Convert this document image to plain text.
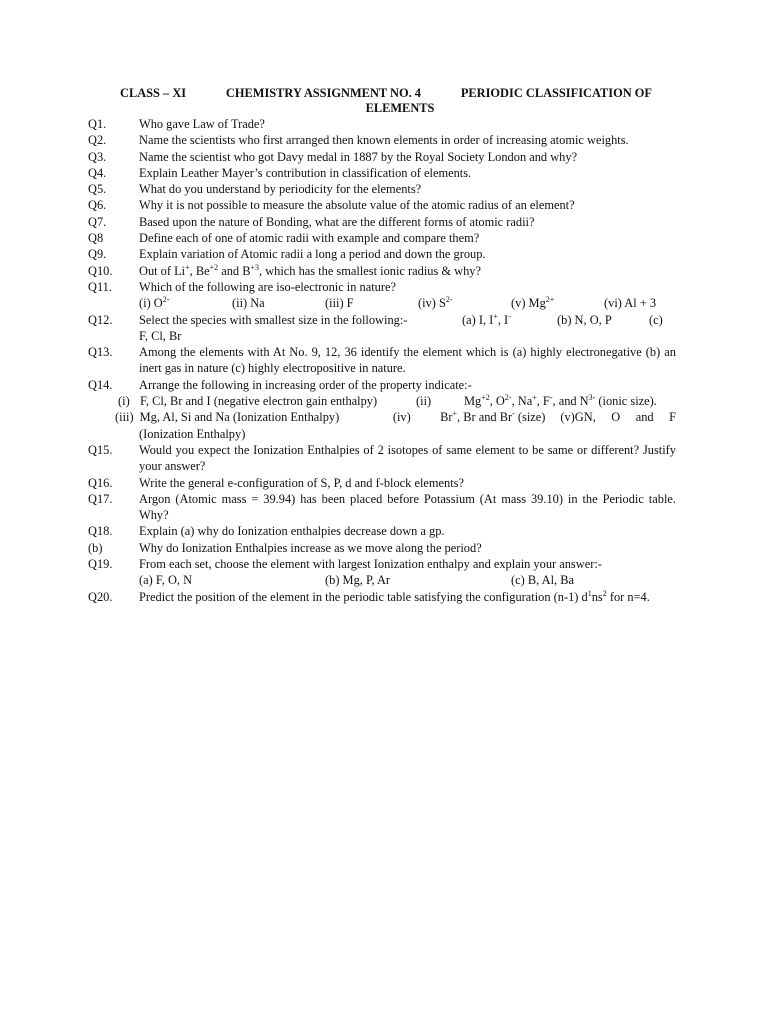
CLASS – XI	CHEMISTRY ASSIGNMENT NO. 4	PERIODIC CLASSIFICATION OF
ELEMENTS
Q1.	Who gave Law of Trade?
Q2.	Name the scientists who first arranged then known elements in order of increasing atomic weights.
Q3.	Name the scientist who got Davy medal in 1887 by the Royal Society London and why?
Q4.	Explain Leather Mayer’s contribution in classification of elements.
Q5.	What do you understand by periodicity for the elements?
Q6.	Why it is not possible to measure the absolute value of the atomic radius of an element?
Q7.	Based upon the nature of Bonding, what are the different forms of atomic radii?
Q8	Define each of one of atomic radii with example and compare them?
Q9.	Explain variation of Atomic radii a long a period and down the group.
Q10.	Out of Li+, $Be^{+2}$ and $B^{+3}$, which has the smallest ionic radius & why?
Q11.	Which of the following are iso-electronic in nature?
(i) $O^{2-}$	(ii) Na	(iii) F	(iv) $S^{2-}$	(v) $Mg^{2+}$	(vi) Al + 3
Q12.	Select the species with smallest size in the following:-	(a) I, I+, I-	(b) N, O, P	(c)
F, Cl, Br
Q13.	Among the elements with At No. 9, 12, 36 identify the element which is (a) highly electronegative (b) an inert gas in nature (c) highly electropositive in nature.
Q14.	Arrange the following in increasing order of the property indicate:-
(i) F, Cl, Br and I (negative electron gain enthalpy)	(ii)	$Mg^{+2}$, $O^{2-}$, Na+, F-, and $N^{3-}$ (ionic size).
(iii) Mg, Al, Si and Na (Ionization Enthalpy)	(iv)	Br+, Br and Br- (size)	(v)GN,     O     and     F
(Ionization Enthalpy)
Q15.	Would you expect the Ionization Enthalpies of 2 isotopes of same element to be same or different? Justify your answer?
Q16.	Write the general e-configuration of S, P, d and f-block elements?
Q17.	Argon (Atomic mass = 39.94) has been placed before Potassium (At mass 39.10) in the Periodic table. Why?
Q18.	Explain (a) why do Ionization enthalpies decrease down a gp.
(b)	Why do Ionization Enthalpies increase as we move along the period?
Q19.	From each set, choose the element with largest Ionization enthalpy and explain your answer:-
(a) F, O, N	(b) Mg, P, Ar	(c) B, Al, Ba
Q20.	Predict the position of the element in the periodic table satisfying the configuration (n-1) $d^1ns^2$ for n=4.
